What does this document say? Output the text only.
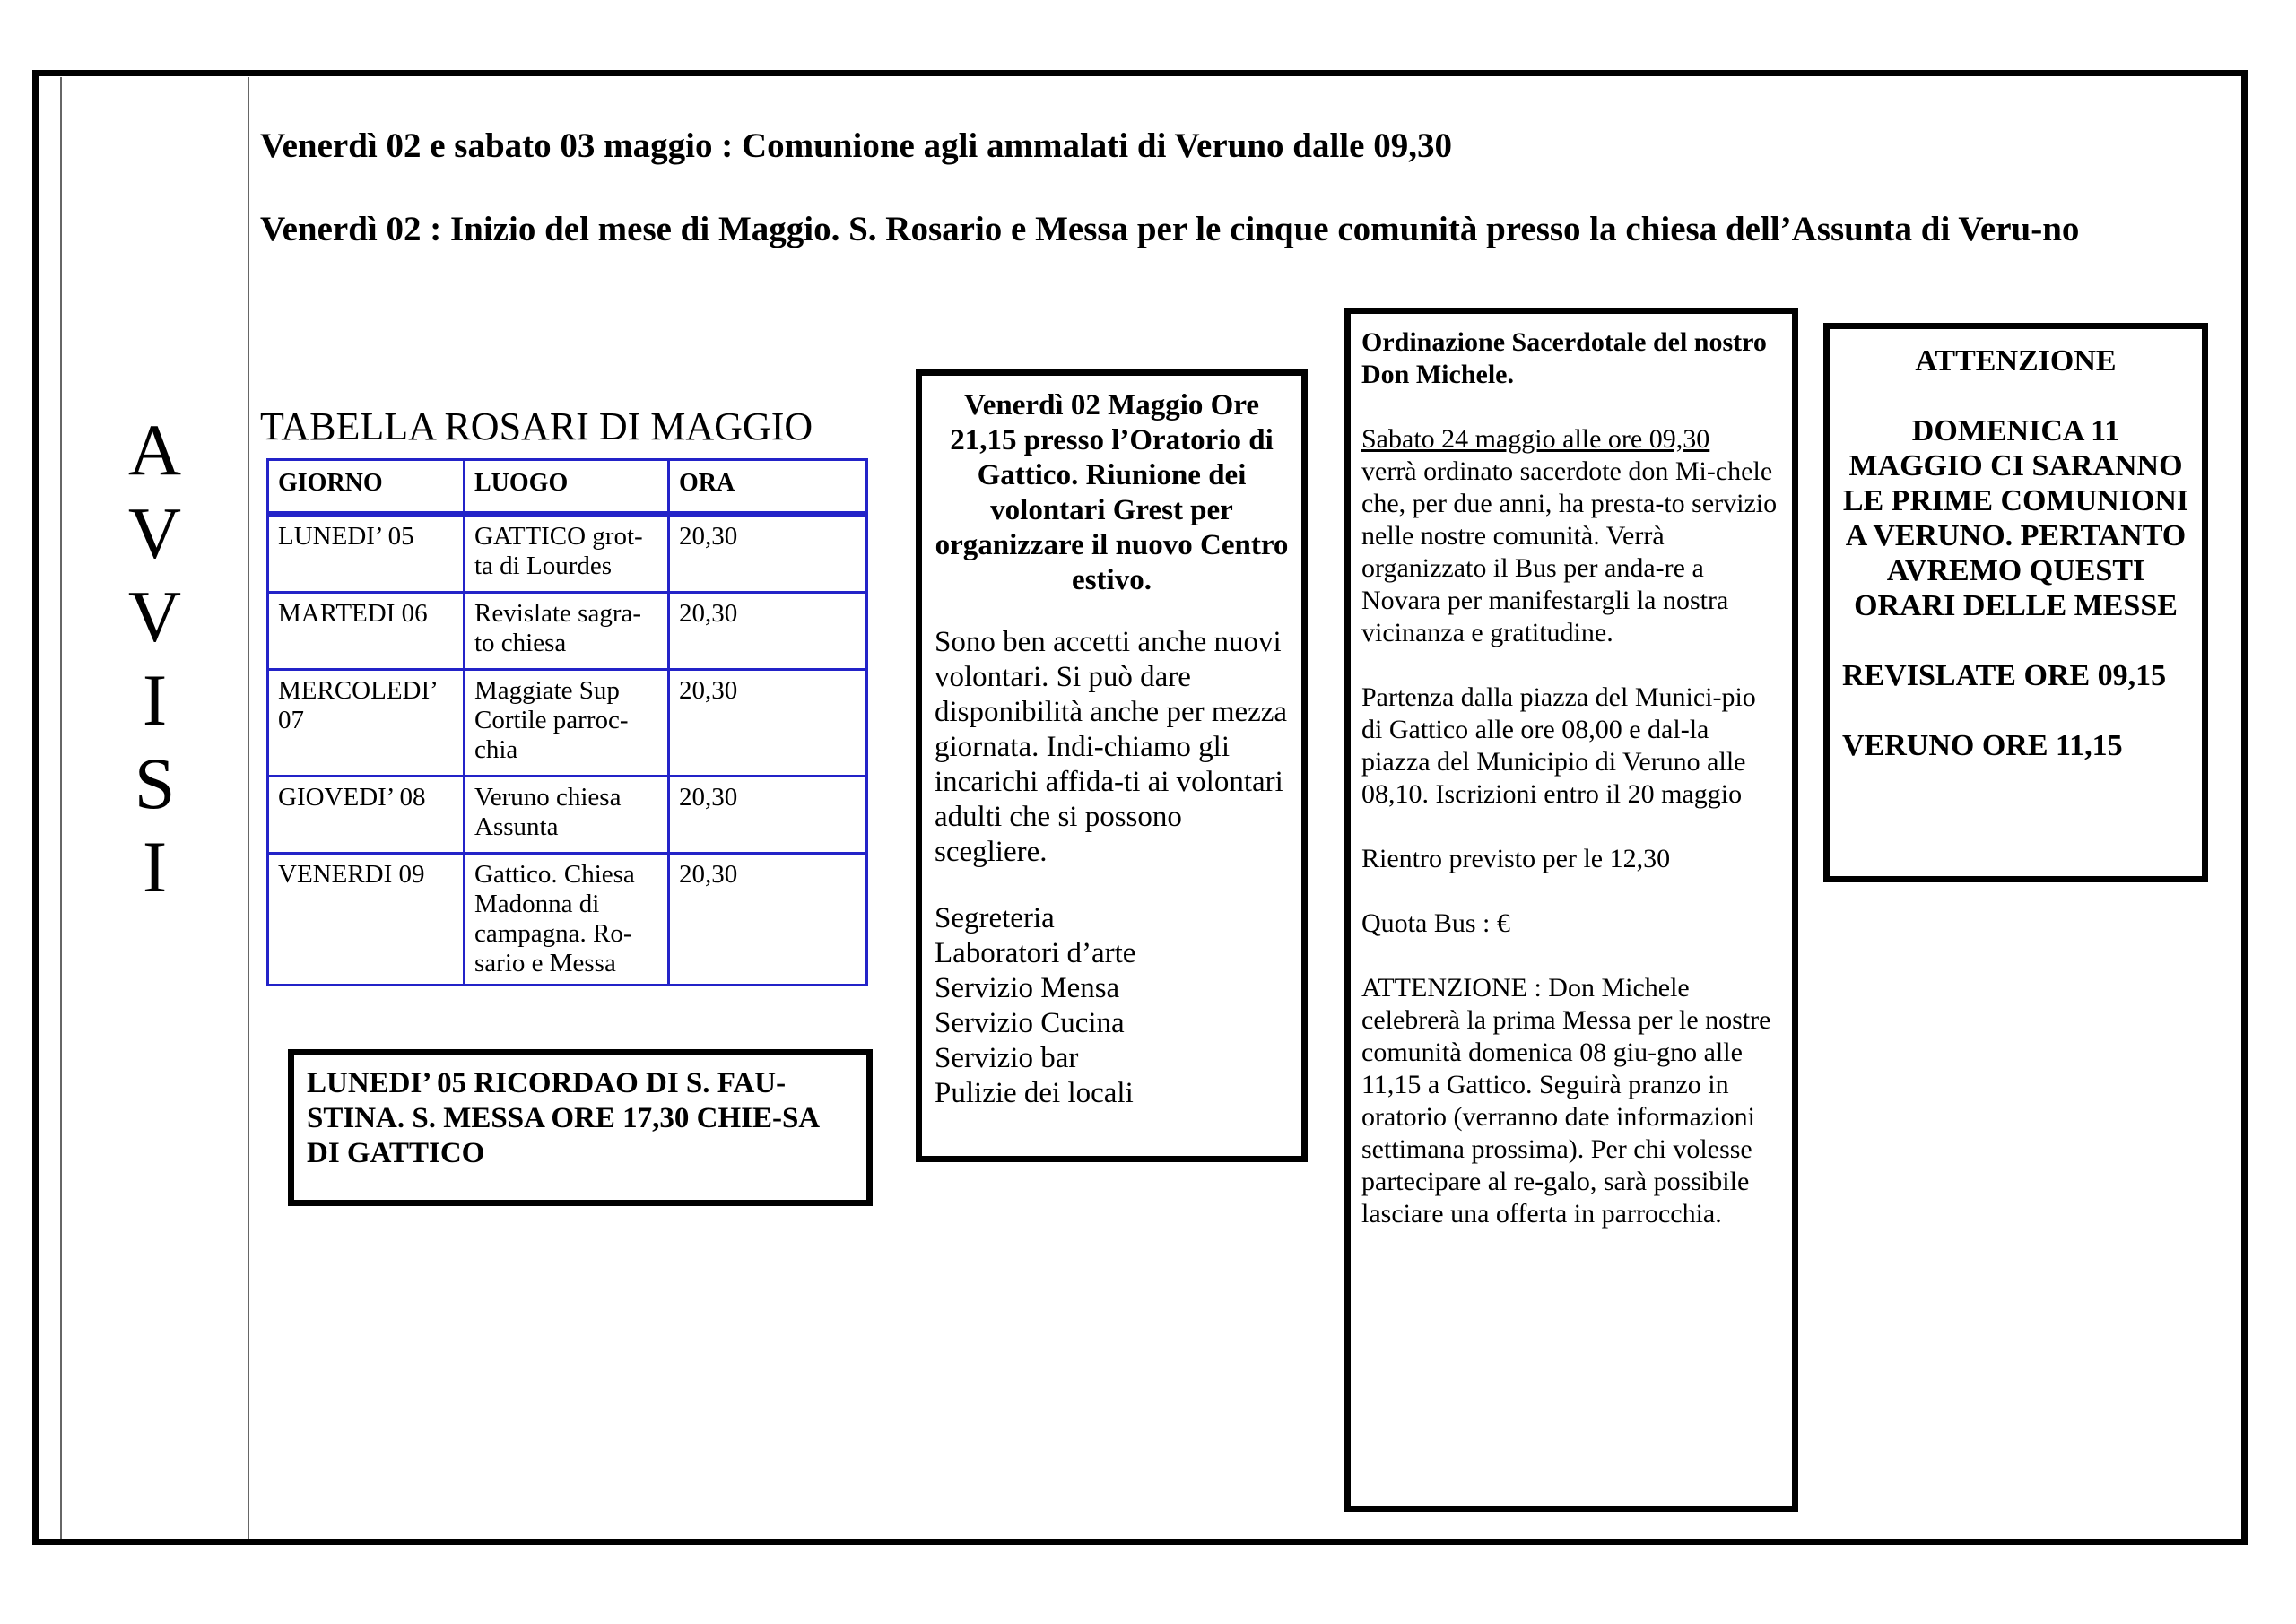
A
V
V
I
S
I
Venerdì 02 e sabato 03 maggio : Comunione agli ammalati di Veruno dalle 09,30
Venerdì 02 : Inizio del mese di Maggio. S. Rosario e Messa per le cinque comunità presso la chiesa dell’Assunta di Veru-no
TABELLA ROSARI DI MAGGIO
GIORNO	LUOGO	ORA
LUNEDI’ 05	GATTICO grot-ta di Lourdes	20,30
MARTEDI 06	Revislate sagra-to chiesa	20,30
MERCOLEDI’ 07	Maggiate Sup Cortile parroc-chia	20,30
GIOVEDI’ 08	Veruno chiesa Assunta	20,30
VENERDI 09	Gattico. Chiesa Madonna di campagna. Ro-sario e Messa	20,30
LUNEDI’ 05 RICORDAO DI S. FAU-STINA. S. MESSA ORE 17,30 CHIE-SA DI GATTICO
Venerdì 02 Maggio Ore 21,15 presso l’Oratorio di Gattico. Riunione dei volontari Grest per organizzare il nuovo Centro estivo.
Sono ben accetti anche nuovi volontari. Si può dare disponibilità anche per mezza giornata. Indi-chiamo gli incarichi affida-ti ai volontari adulti che si possono scegliere.
Segreteria
Laboratori d’arte
Servizio Mensa
Servizio Cucina
Servizio bar
Pulizie dei locali

Ordinazione Sacerdotale del nostro Don Michele.

Sabato 24 maggio alle ore 09,30

verrà ordinato sacerdote don Mi-chele che, per due anni, ha presta-to servizio nelle nostre comunità. Verrà organizzato il Bus per anda-re a Novara per manifestargli la nostra vicinanza e gratitudine.

Partenza dalla piazza del Munici-pio di Gattico alle ore 08,00 e dal-la piazza del Municipio di Veruno alle 08,10. Iscrizioni entro il 20 maggio

Rientro previsto per le 12,30

Quota Bus : €

ATTENZIONE : Don Michele celebrerà la prima Messa per le nostre comunità domenica 08 giu-gno alle 11,15 a Gattico. Seguirà pranzo in oratorio (verranno date informazioni settimana prossima). Per chi volesse partecipare al re-galo, sarà possibile lasciare una offerta in parrocchia.

ATTENZIONE

DOMENICA 11 MAGGIO CI SARANNO LE PRIME COMUNIONI A VERUNO. PERTANTO AVREMO QUESTI ORARI DELLE MESSE

REVISLATE ORE 09,15

VERUNO ORE 11,15
